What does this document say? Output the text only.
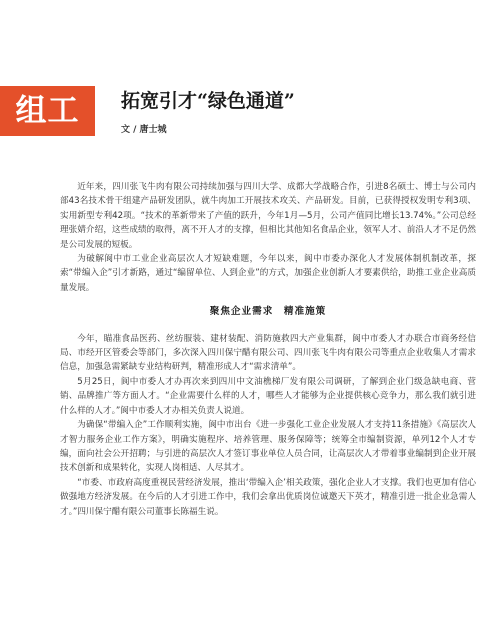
组工	拓宽引才“绿色通道”
文 / 唐士城

近年来，四川张飞牛肉有限公司持续加强与四川大学、成都大学战略合作，引进8名硕士、博士与公司内部43名技术骨干组建产品研发团队，就牛肉加工开展技术攻关、产品研发。目前，已获得授权发明专利3项、实用新型专利42项。“技术的革新带来了产值的跃升，今年1月—5月，公司产值同比增长13.74%。”公司总经理张婧介绍，这些成绩的取得，离不开人才的支撑，但相比其他知名食品企业，领军人才、前沿人才不足仍然是公司发展的短板。

为破解阆中市工业企业高层次人才短缺难题，今年以来，阆中市委办深化人才发展体制机制改革，探索“带编入企”引才新路，通过“编留单位、人到企业”的方式，加强企业创新人才要素供给，助推工业企业高质量发展。

聚焦企业需求　精准施策

今年，瞄准食品医药、丝纺服装、建材装配、消防施救四大产业集群，阆中市委人才办联合市商务经信局、市经开区管委会等部门，多次深入四川保宁醋有限公司、四川张飞牛肉有限公司等重点企业收集人才需求信息，加强急需紧缺专业结构研判，精准形成人才“需求清单”。

5月25日，阆中市委人才办再次来到四川中文油樵梯厂发有限公司调研，了解到企业门级急缺电商、营销、品牌推广等方面人才。“企业需要什么样的人才，哪些人才能够为企业提供核心竞争力，那么我们就引进什么样的人才。”阆中市委人才办相关负责人说道。

为确保“带编入企”工作顺利实施，阆中市出台《进一步强化工业企业发展人才支持11条措施》《高层次人才智力服务企业工作方案》，明确实施程序、培养管理、服务保障等；统筹全市编制资源，单列12个人才专编，面向社会公开招聘；与引进的高层次人才签订事业单位人员合同，让高层次人才带着事业编制到企业开展技术创新和成果转化，实现人岗相适、人尽其才。

“市委、市政府高度重视民营经济发展，推出‘带编入企’相关政策，强化企业人才支撑。我们也更加有信心做强地方经济发展。在今后的人才引进工作中，我们会拿出优质岗位诚邀天下英才，精准引进一批企业急需人才。”四川保宁醋有限公司董事长陈福生说。
